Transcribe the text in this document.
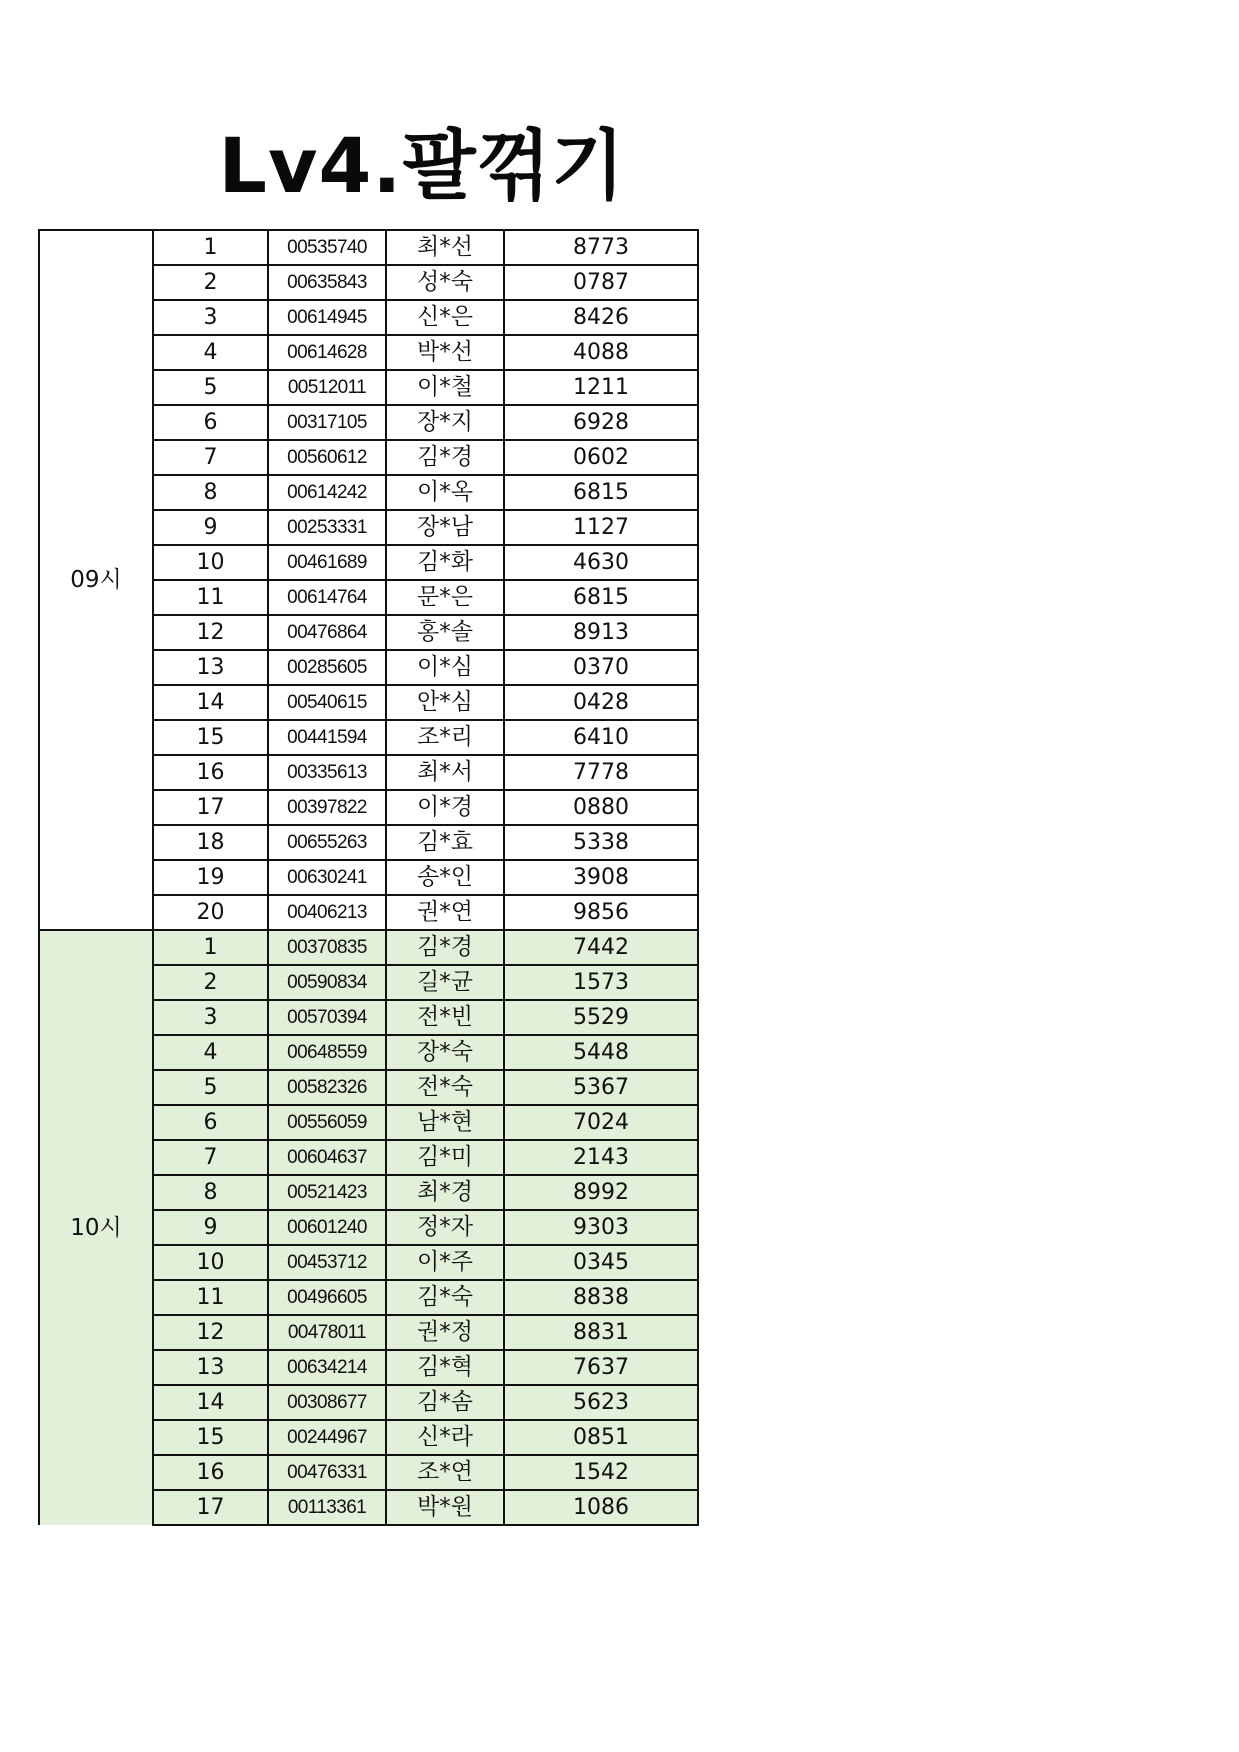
Lv4.팔꺾기
09시	1	00535740	최*선	8773
	2	00635843	성*숙	0787
	3	00614945	신*은	8426
	4	00614628	박*선	4088
	5	00512011	이*철	1211
	6	00317105	장*지	6928
	7	00560612	김*경	0602
	8	00614242	이*옥	6815
	9	00253331	장*남	1127
	10	00461689	김*화	4630
	11	00614764	문*은	6815
	12	00476864	홍*솔	8913
	13	00285605	이*심	0370
	14	00540615	안*심	0428
	15	00441594	조*리	6410
	16	00335613	최*서	7778
	17	00397822	이*경	0880
	18	00655263	김*효	5338
	19	00630241	송*인	3908
	20	00406213	권*연	9856
10시	1	00370835	김*경	7442
	2	00590834	길*균	1573
	3	00570394	전*빈	5529
	4	00648559	장*숙	5448
	5	00582326	전*숙	5367
	6	00556059	남*현	7024
	7	00604637	김*미	2143
	8	00521423	최*경	8992
	9	00601240	정*자	9303
	10	00453712	이*주	0345
	11	00496605	김*숙	8838
	12	00478011	권*정	8831
	13	00634214	김*혁	7637
	14	00308677	김*솜	5623
	15	00244967	신*라	0851
	16	00476331	조*연	1542
	17	00113361	박*원	1086
